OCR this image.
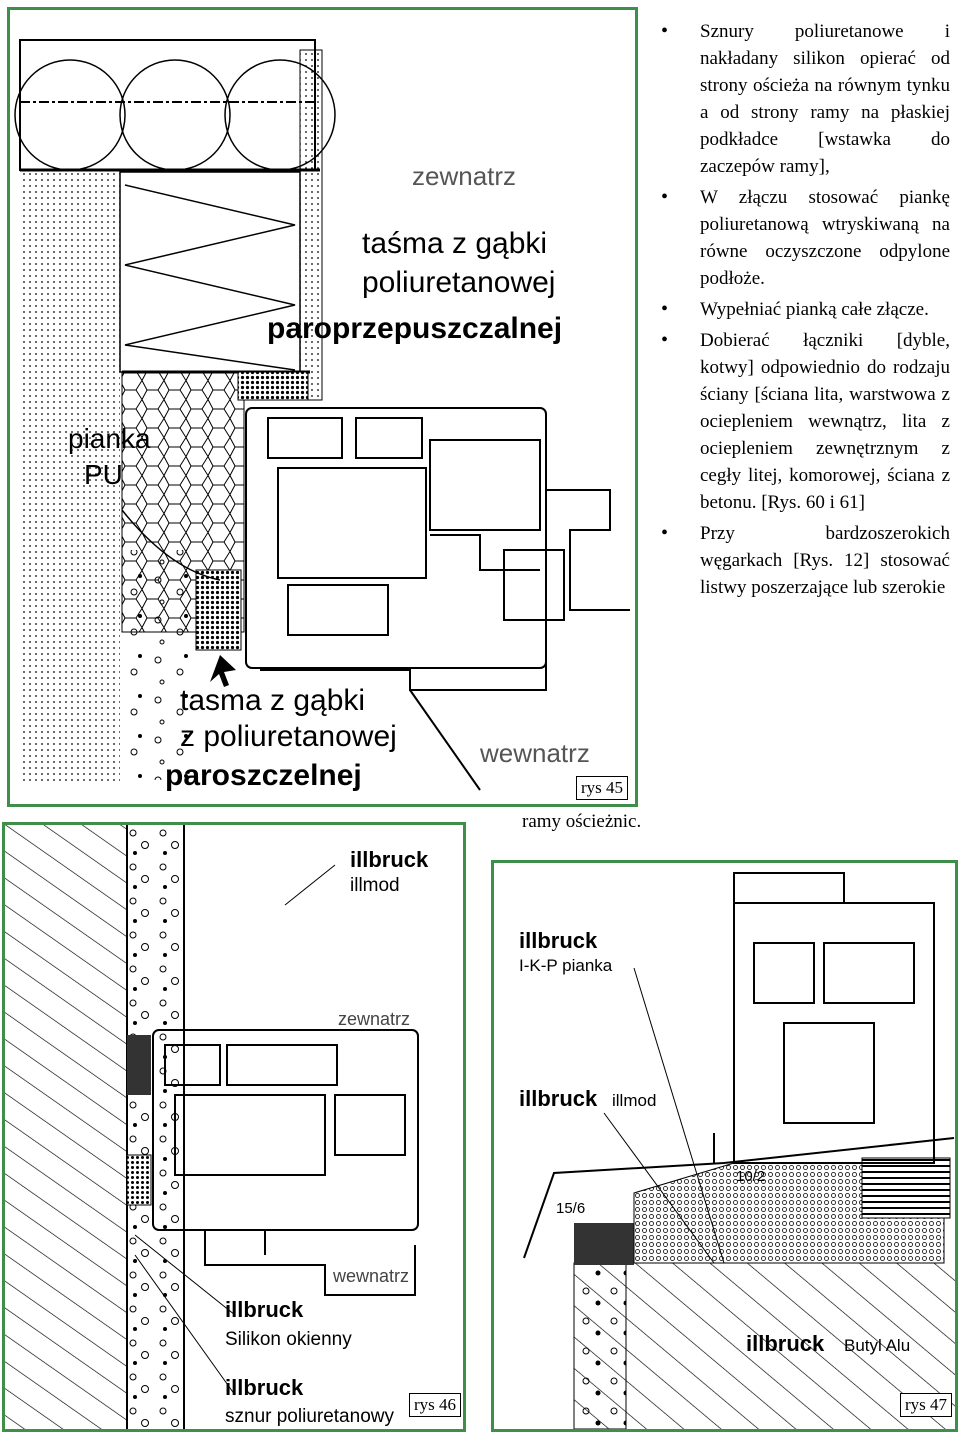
zewnatrz
taśma z gąbki
poliuretanowej
paroprzepuszczalnej
pianka
PU
tasma z gąbki
z poliuretanowej
paroszczelnej
wewnatrz
rys 45
• Sznury poliuretanowe i nakładany silikon opierać od strony ościeża na równym tynku a od strony ramy na płaskiej podkładce [wstawka do zaczepów ramy],
• W złączu stosować piankę poliuretanową wtryskiwaną na równe oczyszczone odpylone podłoże.
• Wypełniać pianką całe złącze.
• Dobierać łączniki [dyble, kotwy] odpowiednio do rodzaju ściany [ściana lita, warstwowa z ociepleniem wewnątrz, lita z ociepleniem zewnętrznym z cegły litej, komorowej, ściana z betonu. [Rys. 60 i 61]
• Przy bardzoszerokich węgarkach [Rys. 12] stosować listwy poszerzające lub szerokie
ramy ościeżnic.
illbruck
illmod
zewnatrz
wewnatrz
illbruck
Silikon okienny
illbruck
sznur poliuretanowy
rys 46
illbruck
I-K-P pianka
illbruck illmod
10/2
15/6
illbruck Butyl Alu
rys 47
